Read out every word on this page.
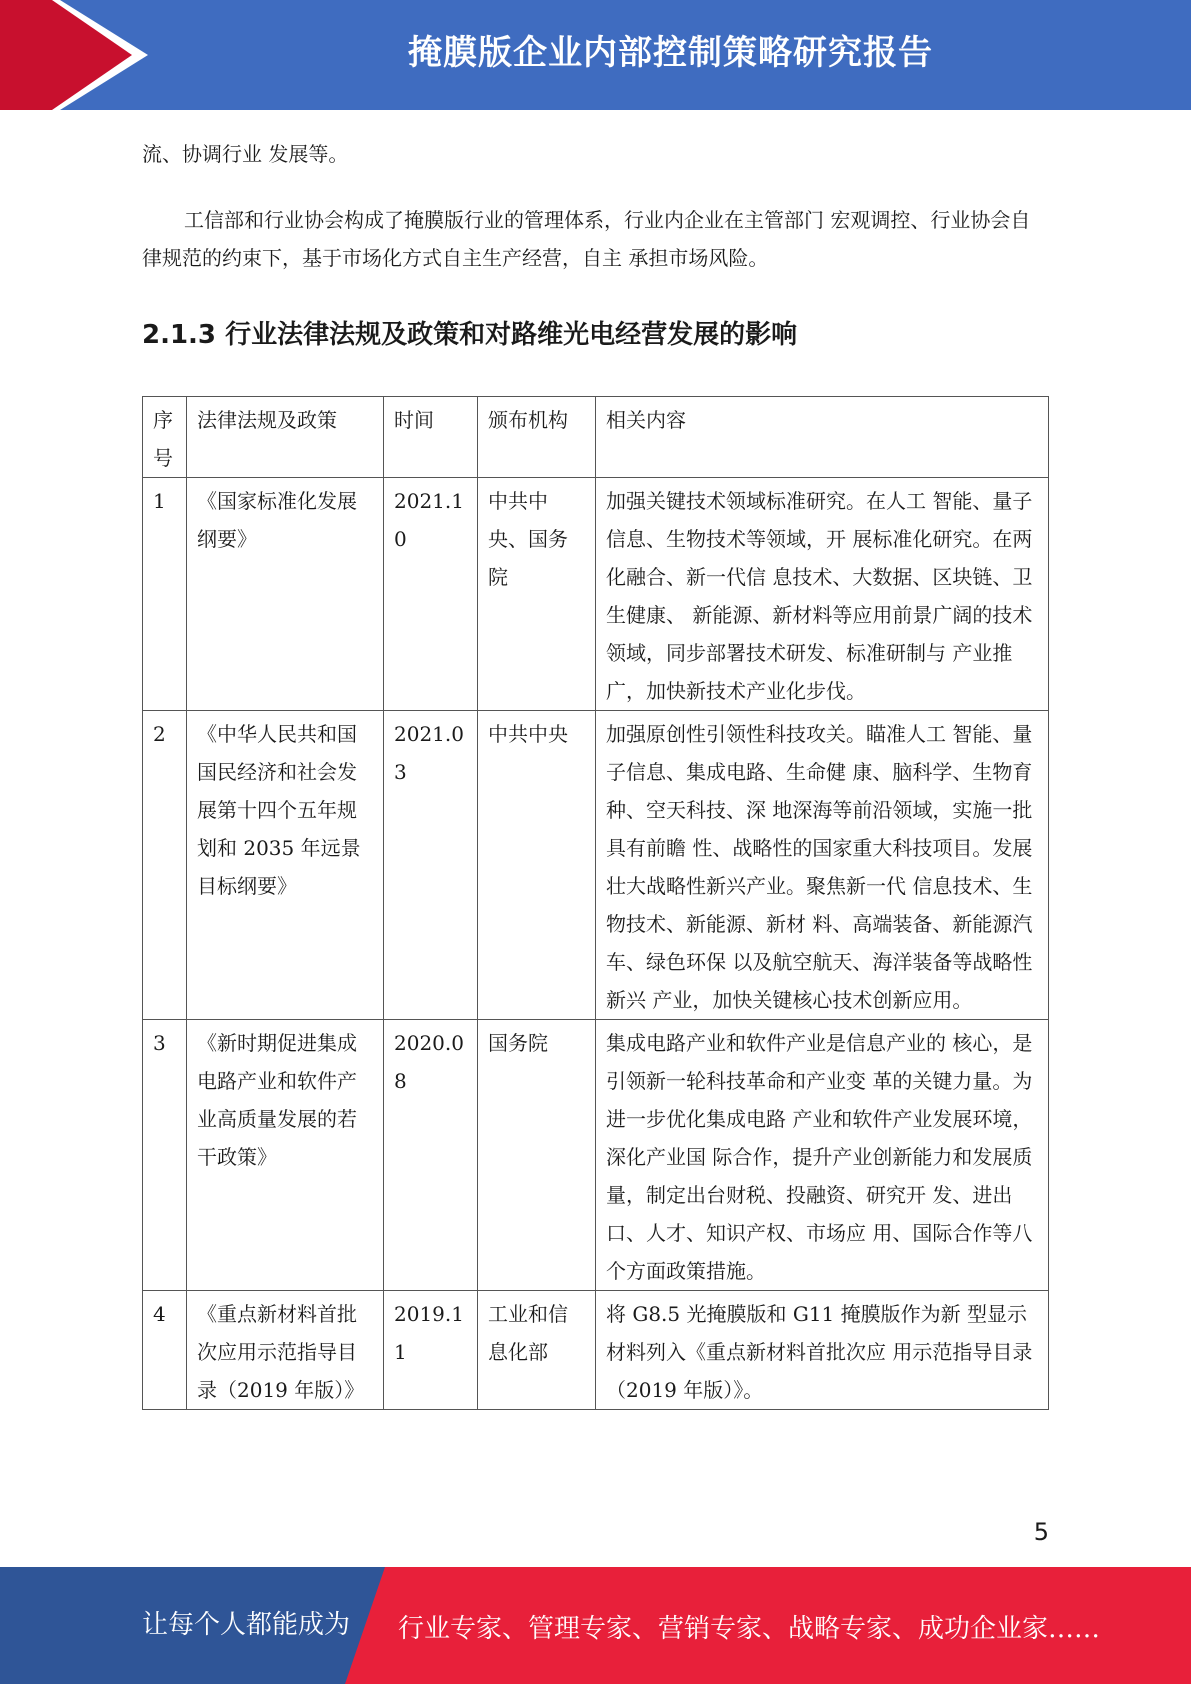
掩膜版企业内部控制策略研究报告

流、协调行业 发展等。

工信部和行业协会构成了掩膜版行业的管理体系，行业内企业在主管部门 宏观调控、行业协会自律规范的约束下，基于市场化方式自主生产经营，自主 承担市场风险。

2.1.3 行业法律法规及政策和对路维光电经营发展的影响
序号	法律法规及政策	时间	颁布机构	相关内容
1	《国家标准化发展纲要》	2021.10	中共中央、国务院	加强关键技术领域标准研究。在人工 智能、量子信息、生物技术等领域，开 展标准化研究。在两化融合、新一代信 息技术、大数据、区块链、卫生健康、 新能源、新材料等应用前景广阔的技术 领域，同步部署技术研发、标准研制与 产业推广，加快新技术产业化步伐。
2	《中华人民共和国国民经济和社会发展第十四个五年规划和 2035 年远景目标纲要》	2021.03	中共中央	加强原创性引领性科技攻关。瞄准人工 智能、量子信息、集成电路、生命健 康、脑科学、生物育种、空天科技、深 地深海等前沿领域，实施一批具有前瞻 性、战略性的国家重大科技项目。发展壮大战略性新兴产业。聚焦新一代 信息技术、生物技术、新能源、新材 料、高端装备、新能源汽车、绿色环保 以及航空航天、海洋装备等战略性新兴 产业，加快关键核心技术创新应用。
3	《新时期促进集成电路产业和软件产业高质量发展的若干政策》	2020.08	国务院	集成电路产业和软件产业是信息产业的 核心，是引领新一轮科技革命和产业变 革的关键力量。为进一步优化集成电路 产业和软件产业发展环境，深化产业国 际合作，提升产业创新能力和发展质 量，制定出台财税、投融资、研究开 发、进出口、人才、知识产权、市场应 用、国际合作等八个方面政策措施。
4	《重点新材料首批次应用示范指导目录（2019 年版）》	2019.11	工业和信息化部	将 G8.5 光掩膜版和 G11 掩膜版作为新 型显示材料列入《重点新材料首批次应 用示范指导目录（2019 年版）》。
5
让每个人都能成为 行业专家、管理专家、营销专家、战略专家、成功企业家……
